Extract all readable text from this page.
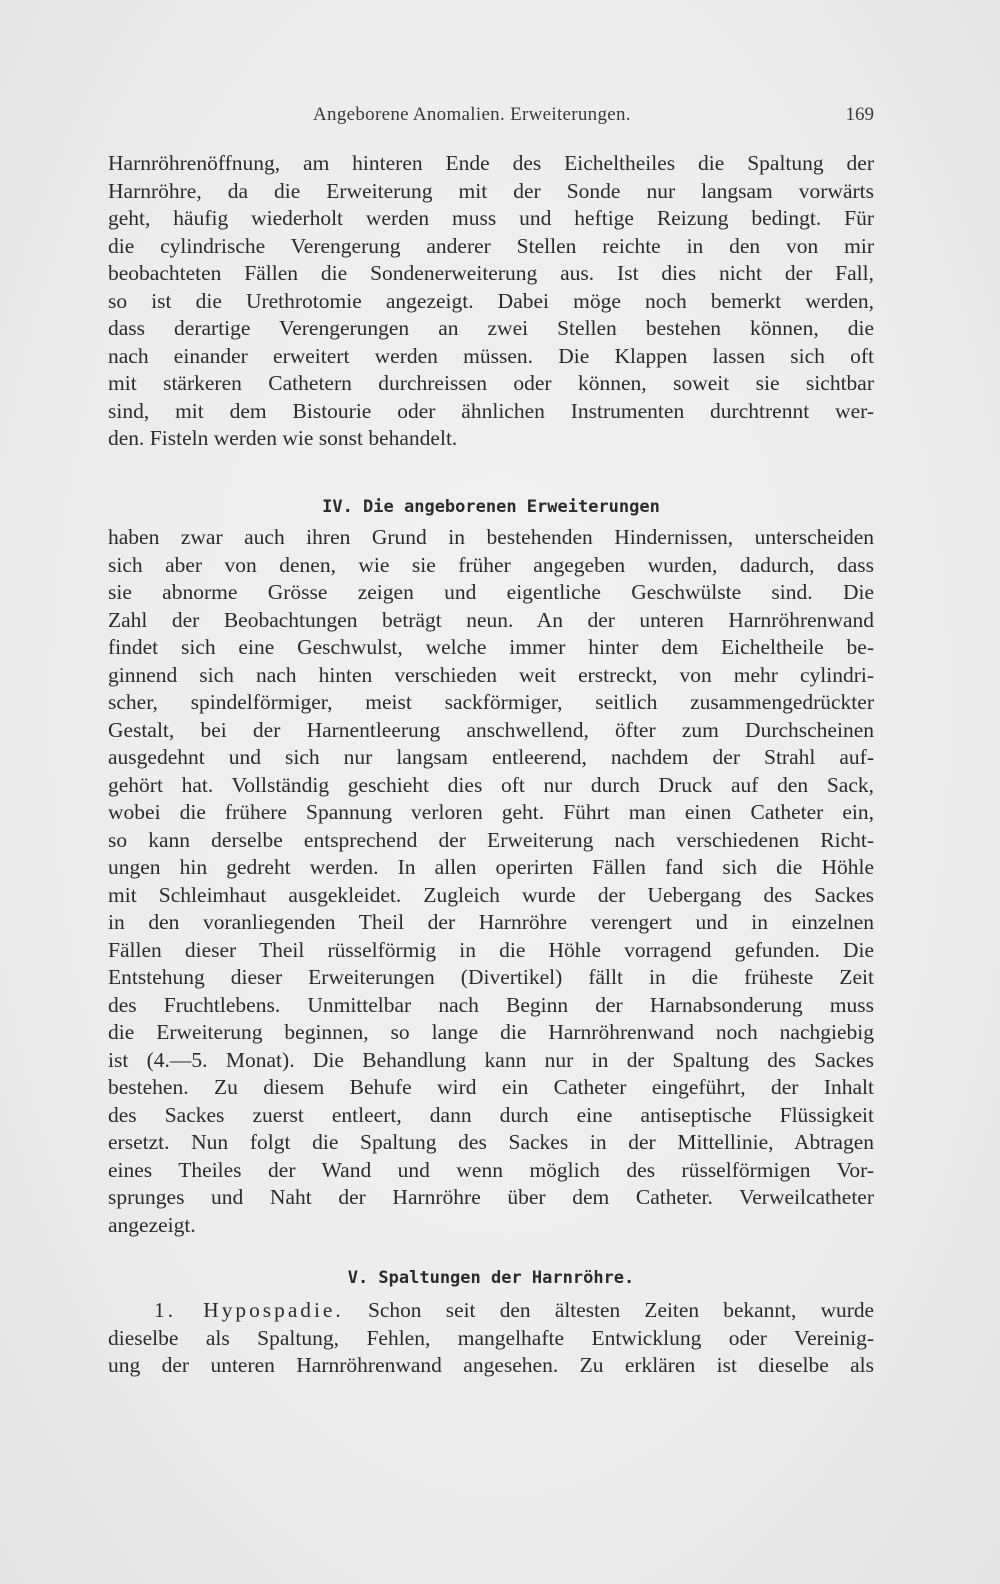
Angeborene Anomalien. Erweiterungen.	169
Harnröhrenöffnung, am hinteren Ende des Eicheltheiles die Spaltung der
Harnröhre, da die Erweiterung mit der Sonde nur langsam vorwärts
geht, häufig wiederholt werden muss und heftige Reizung bedingt. Für
die cylindrische Verengerung anderer Stellen reichte in den von mir
beobachteten Fällen die Sondenerweiterung aus. Ist dies nicht der Fall,
so ist die Urethrotomie angezeigt. Dabei möge noch bemerkt werden,
dass derartige Verengerungen an zwei Stellen bestehen können, die
nach einander erweitert werden müssen. Die Klappen lassen sich oft
mit stärkeren Cathetern durchreissen oder können, soweit sie sichtbar
sind, mit dem Bistourie oder ähnlichen Instrumenten durchtrennt wer-
den. Fisteln werden wie sonst behandelt.
IV. Die angeborenen Erweiterungen
haben zwar auch ihren Grund in bestehenden Hindernissen, unterscheiden
sich aber von denen, wie sie früher angegeben wurden, dadurch, dass
sie abnorme Grösse zeigen und eigentliche Geschwülste sind. Die
Zahl der Beobachtungen beträgt neun. An der unteren Harnröhrenwand
findet sich eine Geschwulst, welche immer hinter dem Eicheltheile be-
ginnend sich nach hinten verschieden weit erstreckt, von mehr cylindri-
scher, spindelförmiger, meist sackförmiger, seitlich zusammengedrückter
Gestalt, bei der Harnentleerung anschwellend, öfter zum Durchscheinen
ausgedehnt und sich nur langsam entleerend, nachdem der Strahl auf-
gehört hat. Vollständig geschieht dies oft nur durch Druck auf den Sack,
wobei die frühere Spannung verloren geht. Führt man einen Catheter ein,
so kann derselbe entsprechend der Erweiterung nach verschiedenen Richt-
ungen hin gedreht werden. In allen operirten Fällen fand sich die Höhle
mit Schleimhaut ausgekleidet. Zugleich wurde der Uebergang des Sackes
in den voranliegenden Theil der Harnröhre verengert und in einzelnen
Fällen dieser Theil rüsselförmig in die Höhle vorragend gefunden. Die
Entstehung dieser Erweiterungen (Divertikel) fällt in die früheste Zeit
des Fruchtlebens. Unmittelbar nach Beginn der Harnabsonderung muss
die Erweiterung beginnen, so lange die Harnröhrenwand noch nachgiebig
ist (4.—5. Monat). Die Behandlung kann nur in der Spaltung des Sackes
bestehen. Zu diesem Behufe wird ein Catheter eingeführt, der Inhalt
des Sackes zuerst entleert, dann durch eine antiseptische Flüssigkeit
ersetzt. Nun folgt die Spaltung des Sackes in der Mittellinie, Abtragen
eines Theiles der Wand und wenn möglich des rüsselförmigen Vor-
sprunges und Naht der Harnröhre über dem Catheter. Verweilcatheter
angezeigt.
V. Spaltungen der Harnröhre.
1. Hypospadie. Schon seit den ältesten Zeiten bekannt, wurde
dieselbe als Spaltung, Fehlen, mangelhafte Entwicklung oder Vereinig-
ung der unteren Harnröhrenwand angesehen. Zu erklären ist dieselbe als
